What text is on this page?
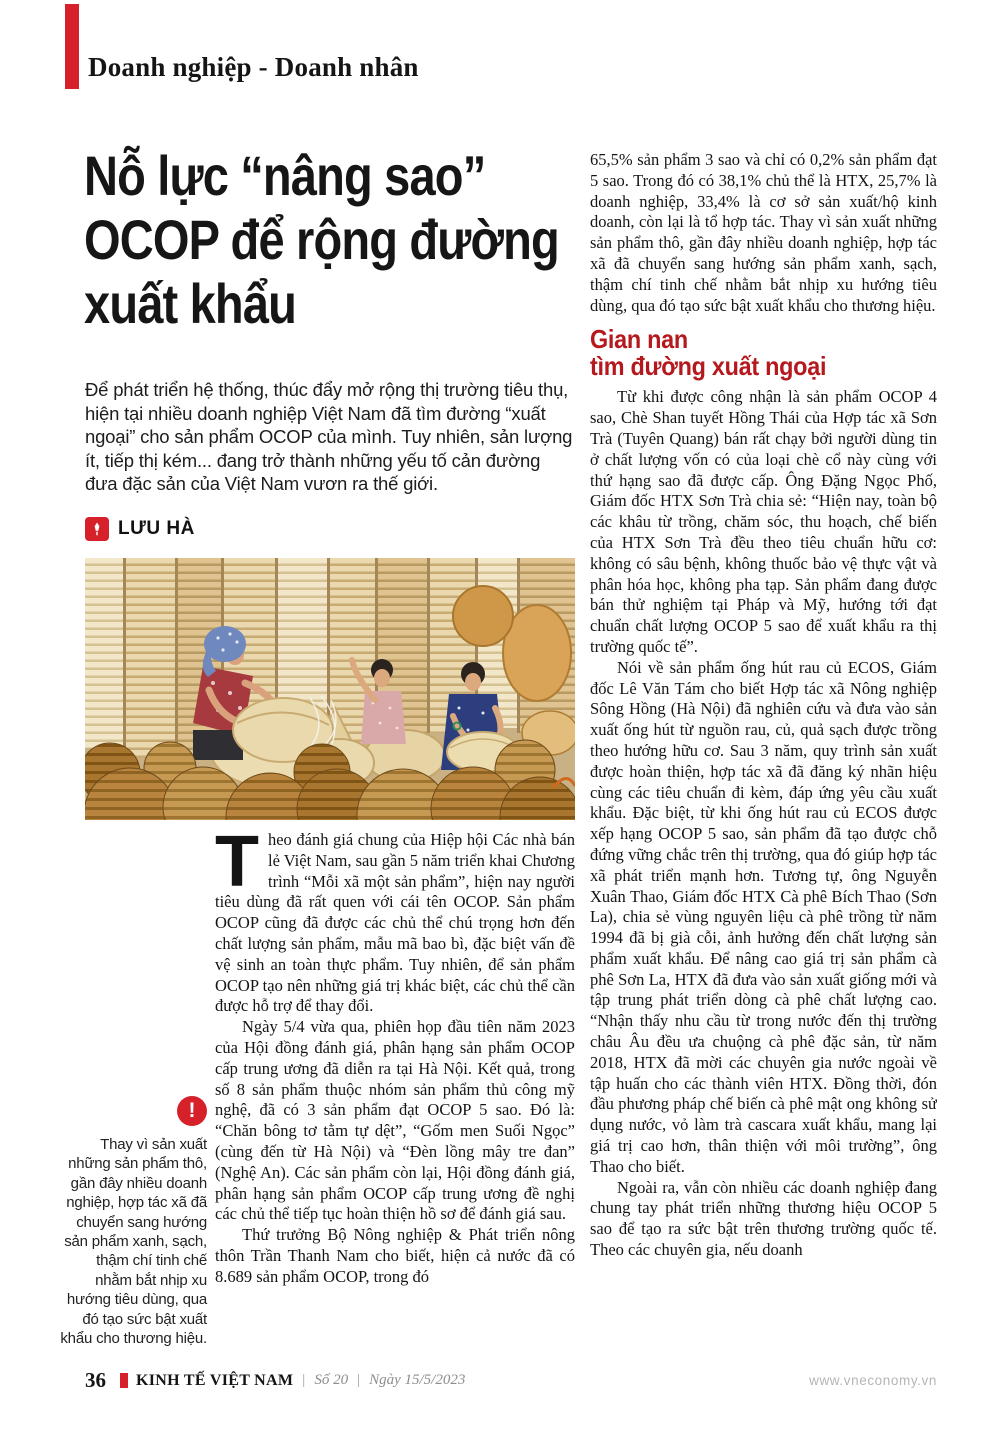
Doanh nghiệp - Doanh nhân
Nỗ lực “nâng sao”
OCOP để rộng đường
xuất khẩu

Để phát triển hệ thống, thúc đẩy mở rộng thị trường tiêu thụ, hiện tại nhiều doanh nghiệp Việt Nam đã tìm đường “xuất ngoại” cho sản phẩm OCOP của mình. Tuy nhiên, sản lượng ít, tiếp thị kém... đang trở thành những yếu tố cản đường đưa đặc sản của Việt Nam vươn ra thế giới.

LƯU HÀ
!

Thay vì sản xuất những sản phẩm thô, gần đây nhiều doanh nghiệp, hợp tác xã đã chuyển sang hướng sản phẩm xanh, sạch, thậm chí tinh chế nhằm bắt nhịp xu hướng tiêu dùng, qua đó tạo sức bật xuất khẩu cho thương hiệu.

Theo đánh giá chung của Hiệp hội Các nhà bán lẻ Việt Nam, sau gần 5 năm triển khai Chương trình “Mỗi xã một sản phẩm”, hiện nay người tiêu dùng đã rất quen với cái tên OCOP. Sản phẩm OCOP cũng đã được các chủ thể chú trọng hơn đến chất lượng sản phẩm, mẫu mã bao bì, đặc biệt vấn đề vệ sinh an toàn thực phẩm. Tuy nhiên, để sản phẩm OCOP tạo nên những giá trị khác biệt, các chủ thể cần được hỗ trợ để thay đổi.

Ngày 5/4 vừa qua, phiên họp đầu tiên năm 2023 của Hội đồng đánh giá, phân hạng sản phẩm OCOP cấp trung ương đã diễn ra tại Hà Nội. Kết quả, trong số 8 sản phẩm thuộc nhóm sản phẩm thủ công mỹ nghệ, đã có 3 sản phẩm đạt OCOP 5 sao. Đó là: “Chăn bông tơ tằm tự dệt”, “Gốm men Suối Ngọc” (cùng đến từ Hà Nội) và “Đèn lồng mây tre đan” (Nghệ An). Các sản phẩm còn lại, Hội đồng đánh giá, phân hạng sản phẩm OCOP cấp trung ương đề nghị các chủ thể tiếp tục hoàn thiện hồ sơ để đánh giá sau.

Thứ trưởng Bộ Nông nghiệp & Phát triển nông thôn Trần Thanh Nam cho biết, hiện cả nước đã có 8.689 sản phẩm OCOP, trong đó

65,5% sản phẩm 3 sao và chỉ có 0,2% sản phẩm đạt 5 sao. Trong đó có 38,1% chủ thể là HTX, 25,7% là doanh nghiệp, 33,4% là cơ sở sản xuất/hộ kinh doanh, còn lại là tổ hợp tác. Thay vì sản xuất những sản phẩm thô, gần đây nhiều doanh nghiệp, hợp tác xã đã chuyển sang hướng sản phẩm xanh, sạch, thậm chí tinh chế nhằm bắt nhịp xu hướng tiêu dùng, qua đó tạo sức bật xuất khẩu cho thương hiệu.

Gian nan
tìm đường xuất ngoại

Từ khi được công nhận là sản phẩm OCOP 4 sao, Chè Shan tuyết Hồng Thái của Hợp tác xã Sơn Trà (Tuyên Quang) bán rất chạy bởi người dùng tin ở chất lượng vốn có của loại chè cổ này cùng với thứ hạng sao đã được cấp. Ông Đặng Ngọc Phố, Giám đốc HTX Sơn Trà chia sẻ: “Hiện nay, toàn bộ các khâu từ trồng, chăm sóc, thu hoạch, chế biến của HTX Sơn Trà đều theo tiêu chuẩn hữu cơ: không có sâu bệnh, không thuốc bảo vệ thực vật và phân hóa học, không pha tạp. Sản phẩm đang được bán thử nghiệm tại Pháp và Mỹ, hướng tới đạt chuẩn chất lượng OCOP 5 sao để xuất khẩu ra thị trường quốc tế”.

Nói về sản phẩm ống hút rau củ ECOS, Giám đốc Lê Văn Tám cho biết Hợp tác xã Nông nghiệp Sông Hồng (Hà Nội) đã nghiên cứu và đưa vào sản xuất ống hút từ nguồn rau, củ, quả sạch được trồng theo hướng hữu cơ. Sau 3 năm, quy trình sản xuất được hoàn thiện, hợp tác xã đã đăng ký nhãn hiệu cùng các tiêu chuẩn đi kèm, đáp ứng yêu cầu xuất khẩu. Đặc biệt, từ khi ống hút rau củ ECOS được xếp hạng OCOP 5 sao, sản phẩm đã tạo được chỗ đứng vững chắc trên thị trường, qua đó giúp hợp tác xã phát triển mạnh hơn. Tương tự, ông Nguyễn Xuân Thao, Giám đốc HTX Cà phê Bích Thao (Sơn La), chia sẻ vùng nguyên liệu cà phê trồng từ năm 1994 đã bị già cỗi, ảnh hưởng đến chất lượng sản phẩm xuất khẩu. Để nâng cao giá trị sản phẩm cà phê Sơn La, HTX đã đưa vào sản xuất giống mới và tập trung phát triển dòng cà phê chất lượng cao. “Nhận thấy nhu cầu từ trong nước đến thị trường châu Âu đều ưa chuộng cà phê đặc sản, từ năm 2018, HTX đã mời các chuyên gia nước ngoài về tập huấn cho các thành viên HTX. Đồng thời, đón đầu phương pháp chế biến cà phê mật ong không sử dụng nước, vỏ làm trà cascara xuất khẩu, mang lại giá trị cao hơn, thân thiện với môi trường”, ông Thao cho biết.

Ngoài ra, vẫn còn nhiều các doanh nghiệp đang chung tay phát triển những thương hiệu OCOP 5 sao để tạo ra sức bật trên thương trường quốc tế. Theo các chuyên gia, nếu doanh

36 KINH TẾ VIỆT NAM | Số 20 | Ngày 15/5/2023	www.vneconomy.vn
